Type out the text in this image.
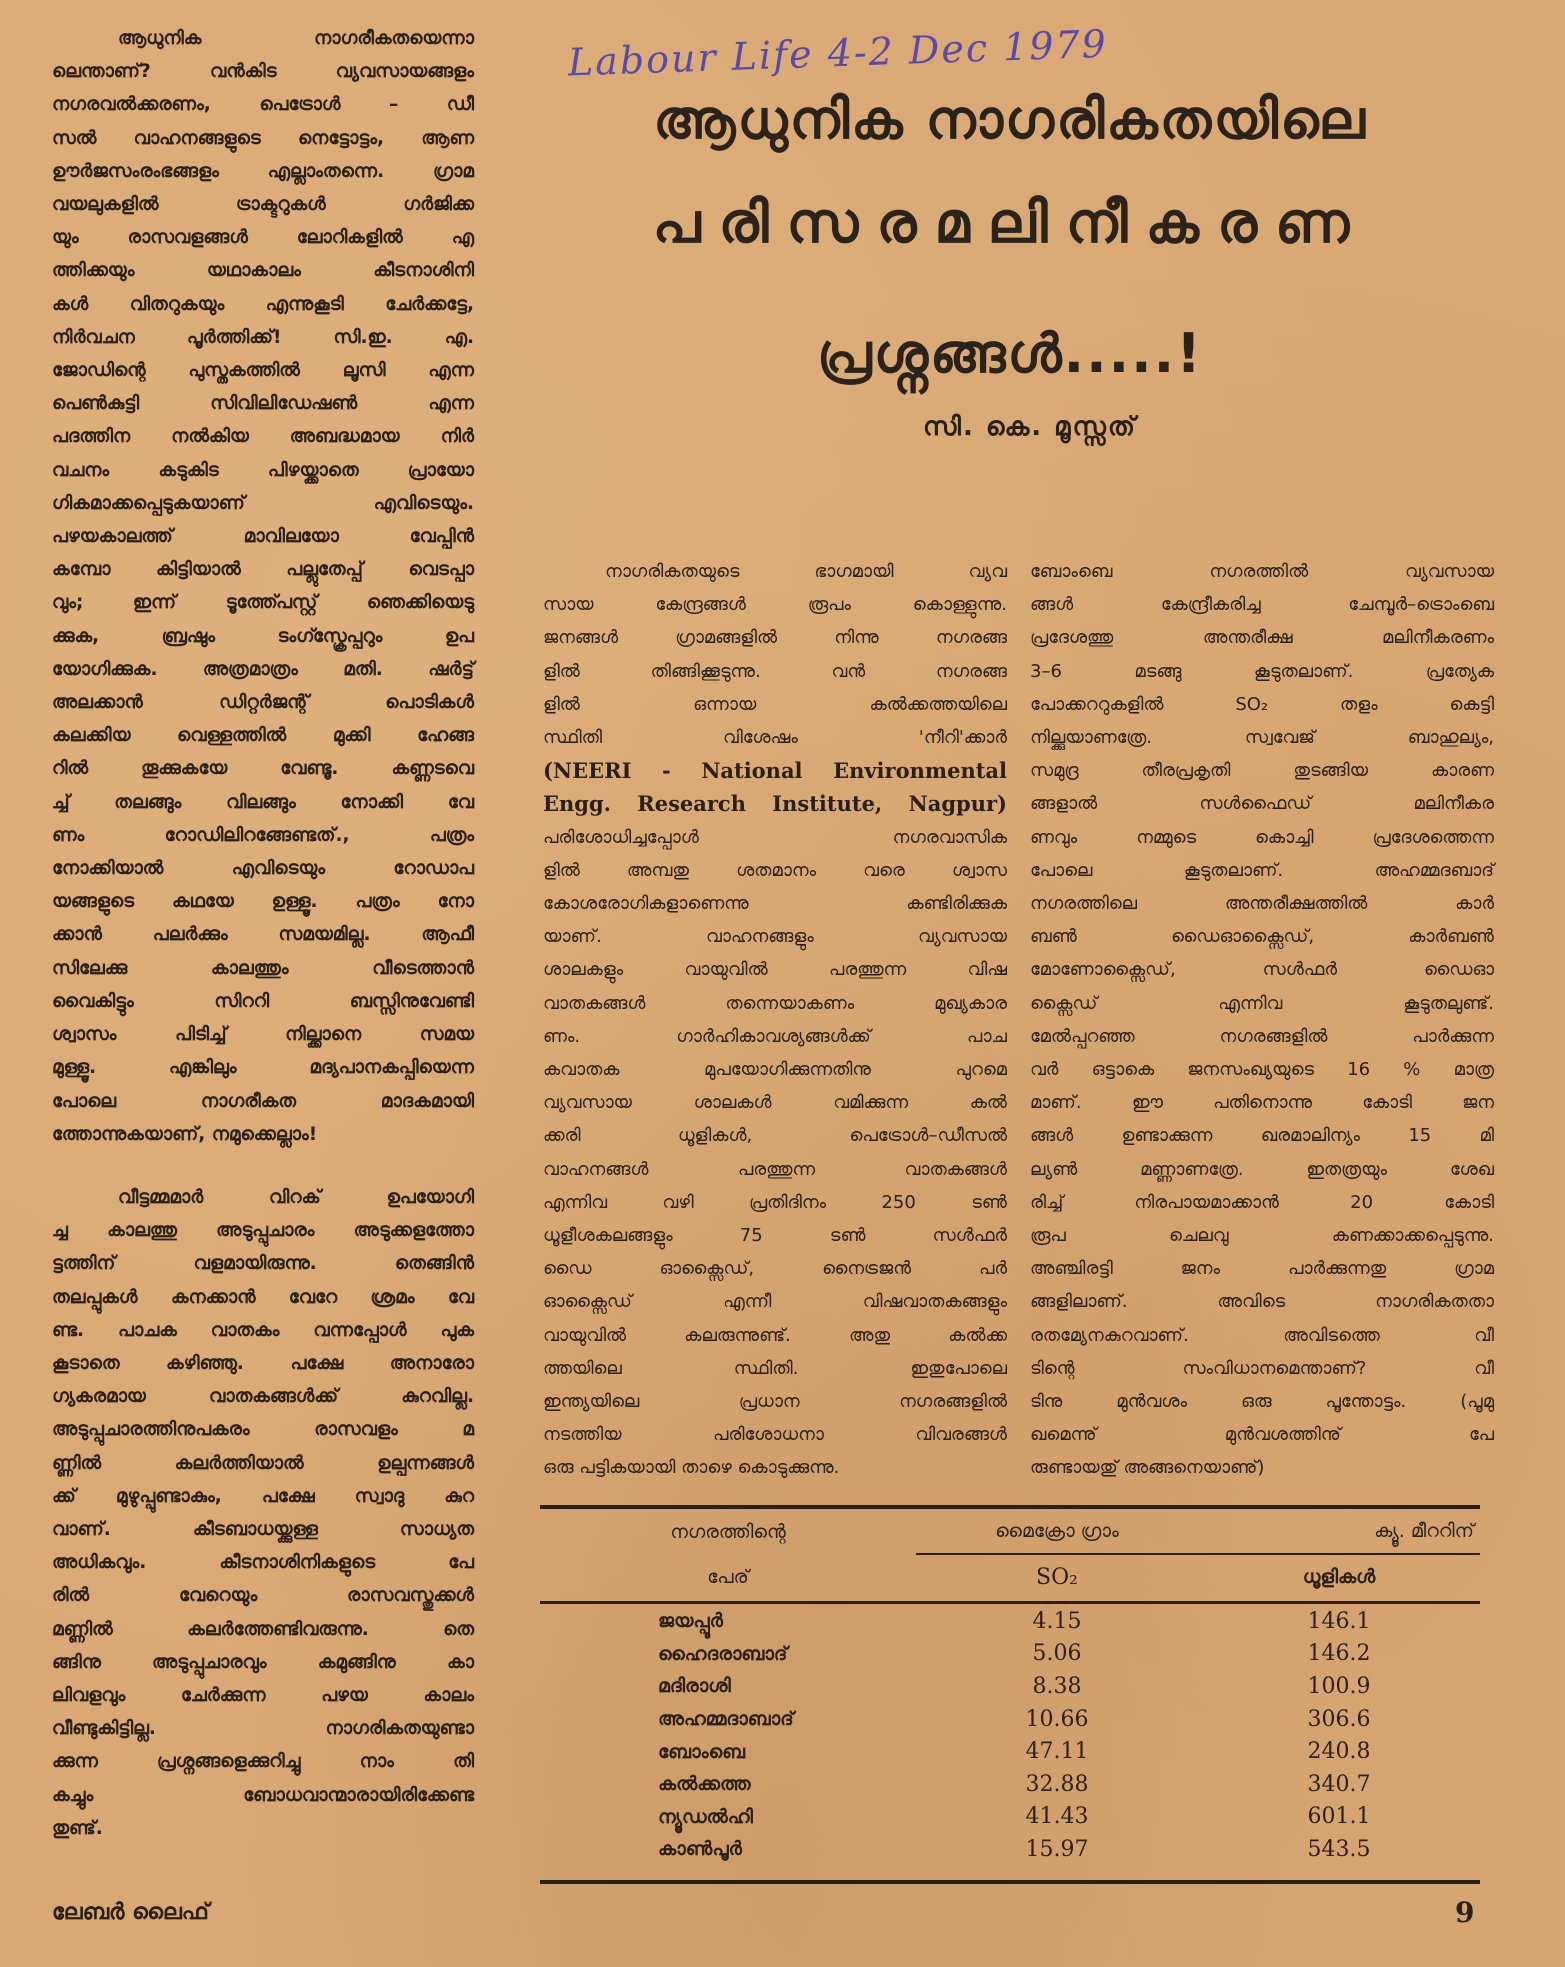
Labour Life 4-2 Dec 1979

ആധുനിക നാഗരീകതയെന്നാ
ലെന്താണ്? വൻകിട വ്യവസായങ്ങളം
നഗരവൽക്കരണം, പെട്രോൾ – ഡീ
സൽ വാഹനങ്ങളുടെ നെട്ടോട്ടം, ആണ
ഊർജസംരംഭങ്ങളം എല്ലാംതന്നെ. ഗ്രാമ
വയലുകളിൽ ട്രാക്ടറുകൾ ഗർജിക്ക
യും രാസവളങ്ങൾ ലോറികളിൽ എ
ത്തിക്കയും യഥാകാലം കീടനാശിനി
കൾ വിതറുകയും എന്നുകൂടി ചേർക്കട്ടേ,
നിർവചന പൂർത്തിക്ക്! സി.ഇ. എ.
ജോഡിന്റെ പുസ്തകത്തിൽ ലൂസി എന്ന
പെൺകുട്ടി സിവിലിഡേഷൺ എന്ന
പദത്തിന നൽകിയ അബദ്ധമായ നിർ
വചനം കടുകിട പിഴയ്ക്കാതെ പ്രായോ
ഗികമാക്കപ്പെടുകയാണ് എവിടെയും.
പഴയകാലത്ത് മാവിലയോ വേപ്പിൻ
കമ്പോ കിട്ടിയാൽ പല്ലുതേപ്പ് വെടപ്പാ
വും; ഇന്ന് ടൂത്ത്പേസ്റ്റ് ഞെക്കിയെടു
ക്കുക, ബ്രഷും ടംഗ്സ്ക്രേപ്പറും ഉപ
യോഗിക്കുക. അത്രമാത്രം മതി. ഷർട്ട്
അലക്കാൻ ഡിറ്റർജന്റ് പൊടികൾ
കലക്കിയ വെള്ളത്തിൽ മുക്കി ഹേങ്ങ
റിൽ തൂക്കുകയേ വേണ്ടൂ. കണ്ണടവെ
ച്ച് തലങ്ങും വിലങ്ങും നോക്കി വേ
ണം റോഡിലിറങ്ങേണ്ടത്., പത്രം
നോക്കിയാൽ എവിടെയും റോഡാപ
യങ്ങളുടെ കഥയേ ഉള്ളൂ. പത്രം നോ
ക്കാൻ പലർക്കും സമയമില്ല. ആഫീ
സിലേക്കു കാലത്തും വീടെത്താൻ
വൈകിട്ടും സിററി ബസ്സിനുവേണ്ടി
ശ്വാസം പിടിച്ച് നില്ക്കാനെ സമയ
മുള്ളൂ. എങ്കിലും മദ്യപാനകപ്പിയെന്ന
പോലെ നാഗരീകത മാദകമായി
ത്തോന്നുകയാണ്, നമുക്കെല്ലാം!

വീട്ടമ്മമാർ വിറക് ഉപയോഗി
ച്ച കാലത്തു അടുപ്പുചാരം അടുക്കളത്തോ
ട്ടത്തിന് വളമായിരുന്നു. തെങ്ങിൻ
തലപ്പുകൾ കനക്കാൻ വേറേ ശ്രമം വേ
ണ്ട. പാചക വാതകം വന്നപ്പോൾ പുക
കൂടാതെ കഴിഞ്ഞു. പക്ഷേ അനാരോ
ഗ്യകരമായ വാതകങ്ങൾക്ക് കുറവില്ല.
അടുപ്പുചാരത്തിനുപകരം രാസവളം മ
ണ്ണിൽ കലർത്തിയാൽ ഉല്പന്നങ്ങൾ
ക്ക് മുഴുപ്പുണ്ടാകും, പക്ഷേ സ്വാദു കുറ
വാണ്. കീടബാധയ്ക്കുള്ള സാധ്യത
അധികവും. കീടനാശിനികളുടെ പേ
രിൽ വേറെയും രാസവസ്തുക്കൾ
മണ്ണിൽ കലർത്തേണ്ടിവരുന്നു. തെ
ങ്ങിനു അടുപ്പുചാരവും കമുങ്ങിനു കാ
ലിവളവും ചേർക്കുന്ന പഴയ കാലം
വീണ്ടുകിട്ടില്ല. നാഗരികതയുണ്ടാ
ക്കുന്ന പ്രശ്നങ്ങളെക്കുറിച്ചു നാം തി
കച്ചും ബോധവാന്മാരായിരിക്കേണ്ട
തുണ്ട്.

ആധുനിക നാഗരികതയിലെ
പരിസരമലിനീകരണ
പ്രശ്നങ്ങൾ.....!
സി. കെ. മൂസ്സത്
നാഗരികതയുടെ ഭാഗമായി വ്യവ
സായ കേന്ദ്രങ്ങൾ രൂപം കൊള്ളുന്നു.
ജനങ്ങൾ ഗ്രാമങ്ങളിൽ നിന്നു നഗരങ്ങ
ളിൽ തിങ്ങിക്കൂടുന്നു. വൻ നഗരങ്ങ
ളിൽ ഒന്നായ കൽക്കത്തയിലെ
സ്ഥിതി വിശേഷം 'നീറി'ക്കാർ
(NEERI - National Environmental
Engg. Research Institute, Nagpur)
പരിശോധിച്ചപ്പോൾ നഗരവാസിക
ളിൽ അമ്പതു ശതമാനം വരെ ശ്വാസ
കോശരോഗികളാണെന്നു കണ്ടിരിക്കുക
യാണ്. വാഹനങ്ങളും വ്യവസായ
ശാലകളും വായുവിൽ പരത്തുന്ന വിഷ
വാതകങ്ങൾ തന്നെയാകണം മുഖ്യകാര
ണം. ഗാർഹികാവശ്യങ്ങൾക്ക് പാച
കവാതക മുപയോഗിക്കുന്നതിനു പുറമെ
വ്യവസായ ശാലകൾ വമിക്കുന്ന കൽ
ക്കരി ധൂളികൾ, പെട്രോൾ–ഡീസൽ
വാഹനങ്ങൾ പരത്തുന്ന വാതകങ്ങൾ
എന്നിവ വഴി പ്രതിദിനം 250 ടൺ
ധൂളീശകലങ്ങളും 75 ടൺ സൾഫർ
ഡൈ ഓക്സൈഡ്, നൈട്രജൻ പർ
ഓക്സൈഡ് എന്നീ വിഷവാതകങ്ങളും
വായുവിൽ കലരുന്നുണ്ട്. അതു കൽക്ക
ത്തയിലെ സ്ഥിതി. ഇതുപോലെ
ഇന്ത്യയിലെ പ്രധാന നഗരങ്ങളിൽ
നടത്തിയ പരിശോധനാ വിവരങ്ങൾ
ഒരു പട്ടികയായി താഴെ കൊടുക്കുന്നു.
ബോംബെ നഗരത്തിൽ വ്യവസായ
ങ്ങൾ കേന്ദ്രീകരിച്ച ചേമ്പൂർ–ട്രൊംബെ
പ്രദേശത്തു അന്തരീക്ഷ മലിനീകരണം
3–6 മടങ്ങു കൂടുതലാണ്. പ്രത്യേക
പോക്കററുകളിൽ SO₂ തളം കെട്ടി
നില്ക്കുയാണത്രേ. സ്വവേജ് ബാഹുല്യം,
സമുദ്ര തീരപ്രകൃതി തുടങ്ങിയ കാരണ
ങ്ങളാൽ സൾഫൈഡ് മലിനീകര
ണവും നമ്മുടെ കൊച്ചി പ്രദേശത്തെന്ന
പോലെ കൂടുതലാണ്. അഹമ്മദബാദ്
നഗരത്തിലെ അന്തരീക്ഷത്തിൽ കാർ
ബൺ ഡൈഓക്സൈഡ്, കാർബൺ
മോണോക്സൈഡ്, സൾഫർ ഡൈഓ
ക്സൈഡ് എന്നിവ കൂടുതലുണ്ട്.
മേൽപ്പറഞ്ഞ നഗരങ്ങളിൽ പാർക്കുന്ന
വർ ഒട്ടാകെ ജനസംഖ്യയുടെ 16 % മാത്ര
മാണ്. ഈ പതിനൊന്നു കോടി ജന
ങ്ങൾ ഉണ്ടാക്കുന്ന ഖരമാലിന്യം 15 മി
ല്യൺ മണ്ണാണത്രേ. ഇതത്രയും ശേഖ
രിച്ച് നിരപായമാക്കാൻ 20 കോടി
രൂപ ചെലവു കണക്കാക്കപ്പെടുന്നു.
അഞ്ചിരട്ടി ജനം പാർക്കുന്നതു ഗ്രാമ
ങ്ങളിലാണ്. അവിടെ നാഗരികതതാ
രതമ്യേനകുറവാണ്. അവിടത്തെ വീ
ടിന്റെ സംവിധാനമെന്താണ്? വീ
ടിനു മുൻവശം ഒരു പൂന്തോട്ടം. (പൂമു
ഖമെന്നു് മുൻവശത്തിനു് പേ
രുണ്ടായതു് അങ്ങനെയാണു്)
നഗരത്തിന്റെ	മൈക്രോ ഗ്രാം	ക്യൂ. മീററിന്
പേര്	SO₂	ധൂളികൾ

ജയപ്പൂർ	4.15	146.1
ഹൈദരാബാദ്	5.06	146.2
മദിരാശി	8.38	100.9
അഹമ്മദാബാദ്	10.66	306.6
ബോംബെ	47.11	240.8
കൽക്കത്ത	32.88	340.7
ന്യൂഡൽഹി	41.43	601.1
കാൺപൂർ	15.97	543.5
ലേബർ ലൈഫ്	9
